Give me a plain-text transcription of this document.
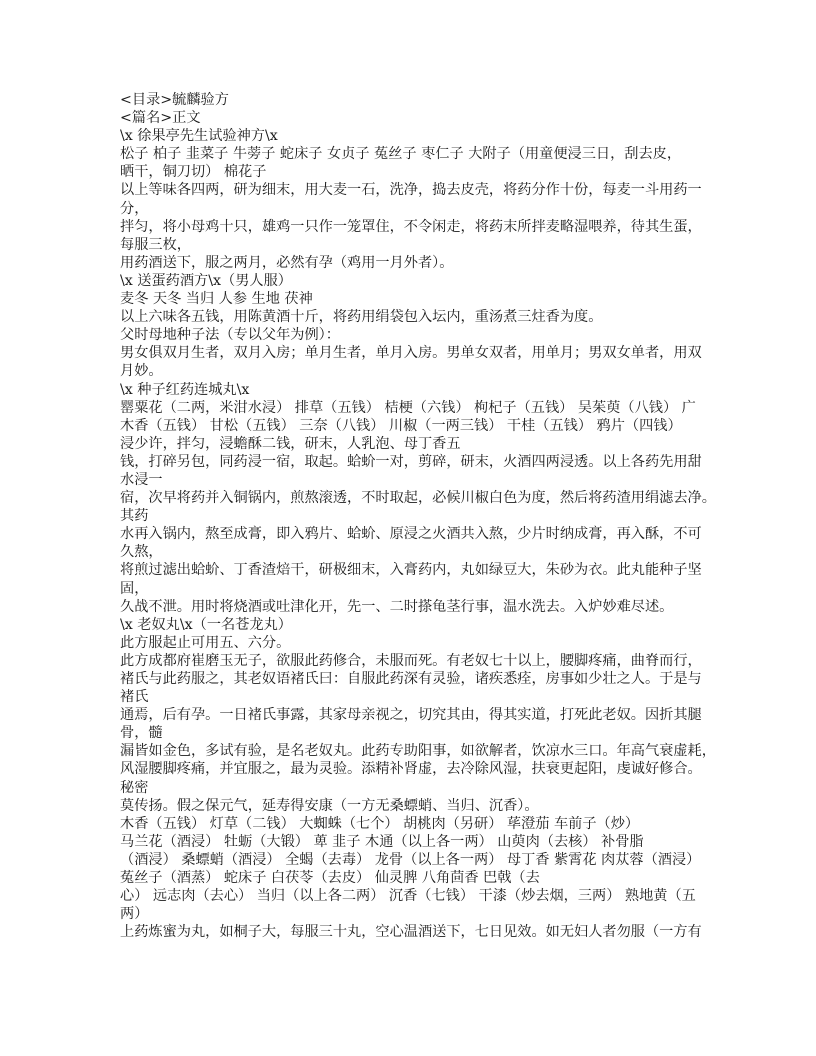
<目录>毓麟验方
<篇名>正文
\x 徐果亭先生试验神方\x
松子 柏子 韭菜子 牛蒡子 蛇床子 女贞子 菟丝子 枣仁子 大附子（用童便浸三日，刮去皮，
晒干，铜刀切） 棉花子
以上等味各四两，研为细末，用大麦一石，洗净，捣去皮壳，将药分作十份，每麦一斗用药一
分，
拌匀，将小母鸡十只，雄鸡一只作一笼罩住，不令闲走，将药末所拌麦略湿喂养，待其生蛋，
每服三枚，
用药酒送下，服之两月，必然有孕（鸡用一月外者）。
\x 送蛋药酒方\x（男人服）
麦冬 天冬 当归 人参 生地 茯神
以上六味各五钱，用陈黄酒十斤，将药用绢袋包入坛内，重汤煮三炷香为度。
父时母地种子法（专以父年为例）：
男女俱双月生者，双月入房；单月生者，单月入房。男单女双者，用单月；男双女单者，用双
月妙。
\x 种子红药连城丸\x
罂粟花（二两，米泔水浸） 排草（五钱） 桔梗（六钱） 枸杞子（五钱） 吴茱萸（八钱） 广
木香（五钱） 甘松（五钱） 三奈（八钱） 川椒（一两三钱） 干桂（五钱） 鸦片（四钱）
浸少许，拌匀，浸蟾酥二钱，研末，人乳泡、母丁香五
钱，打碎另包，同药浸一宿，取起。蛤蚧一对，剪碎，研末，火酒四两浸透。以上各药先用甜
水浸一
宿，次早将药并入铜锅内，煎熬滚透，不时取起，必候川椒白色为度，然后将药渣用绢滤去净。
其药
水再入锅内，熬至成膏，即入鸦片、蛤蚧、原浸之火酒共入熬，少片时纳成膏，再入酥，不可
久熬，
将煎过滤出蛤蚧、丁香渣焙干，研极细末，入膏药内，丸如绿豆大，朱砂为衣。此丸能种子坚
固，
久战不泄。用时将烧酒或吐津化开，先一、二时搽龟茎行事，温水洗去。入炉妙难尽述。
\x 老奴丸\x（一名苍龙丸）
此方服起止可用五、六分。
此方成都府崔磨玉无子，欲服此药修合，未服而死。有老奴七十以上，腰脚疼痛，曲脊而行，
褚氏与此药服之，其老奴语褚氏曰：自服此药深有灵验，诸疾悉痊，房事如少壮之人。于是与
褚氏
通焉，后有孕。一日褚氏事露，其家母亲视之，切究其由，得其实道，打死此老奴。因折其腿
骨，髓
漏皆如金色，多试有验，是名老奴丸。此药专助阳事，如欲解者，饮凉水三口。年高气衰虚耗，
风湿腰脚疼痛，并宜服之，最为灵验。添精补肾虚，去冷除风湿，扶衰更起阳，虔诚好修合。
秘密
莫传扬。假之保元气，延寿得安康（一方无桑螵蛸、当归、沉香）。
木香（五钱） 灯草（二钱） 大蜘蛛（七个） 胡桃肉（另研） 荜澄茄 车前子（炒）
马兰花（酒浸） 牡蛎（大锻） 萆 韭子 木通（以上各一两） 山萸肉（去核） 补骨脂
（酒浸） 桑螵蛸（酒浸） 全蝎（去毒） 龙骨（以上各一两） 母丁香 紫霄花 肉苁蓉（酒浸）
菟丝子（酒蒸） 蛇床子 白茯苓（去皮） 仙灵脾 八角茴香 巴戟（去
心） 远志肉（去心） 当归（以上各二两） 沉香（七钱） 干漆（炒去烟，三两） 熟地黄（五
两）
上药炼蜜为丸，如桐子大，每服三十丸，空心温酒送下，七日见效。如无妇人者勿服（一方有
